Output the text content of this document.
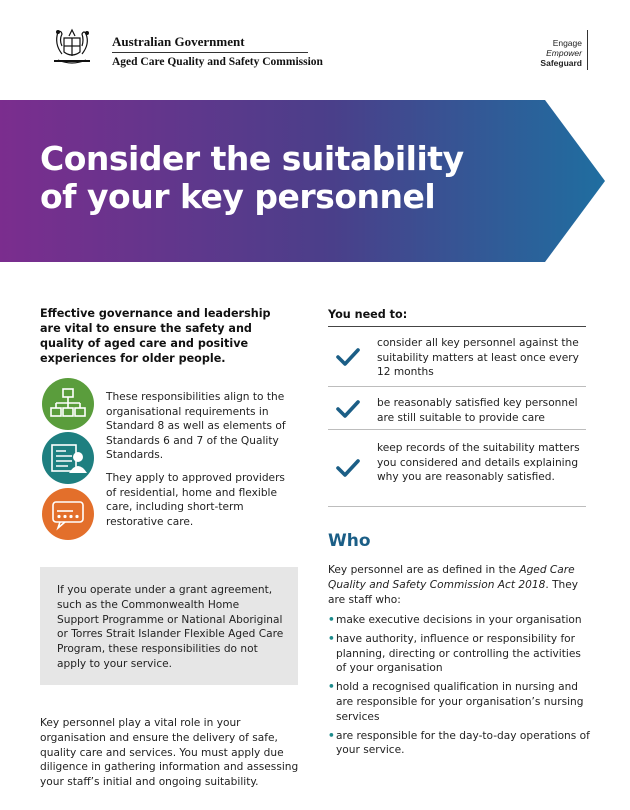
Australian Government
Aged Care Quality and Safety Commission
Engage
Empower
Safeguard
Consider the suitability
of your key personnel
Effective governance and leadership are vital to ensure the safety and quality of aged care and positive experiences for older people.
These responsibilities align to the organisational requirements in Standard 8 as well as elements of Standards 6 and 7 of the Quality Standards.
They apply to approved providers of residential, home and flexible care, including short-term restorative care.
If you operate under a grant agreement, such as the Commonwealth Home Support Programme or National Aboriginal or Torres Strait Islander Flexible Aged Care Program, these responsibilities do not apply to your service.
Key personnel play a vital role in your organisation and ensure the delivery of safe, quality care and services. You must apply due diligence in gathering information and assessing your staff’s initial and ongoing suitability.
You need to:
consider all key personnel against the suitability matters at least once every 12 months
be reasonably satisfied key personnel are still suitable to provide care
keep records of the suitability matters you considered and details explaining why you are reasonably satisfied.
Who
Key personnel are as defined in the Aged Care Quality and Safety Commission Act 2018. They are staff who:
• make executive decisions in your organisation
• have authority, influence or responsibility for planning, directing or controlling the activities of your organisation
• hold a recognised qualification in nursing and are responsible for your organisation’s nursing services
• are responsible for the day-to-day operations of your service.
